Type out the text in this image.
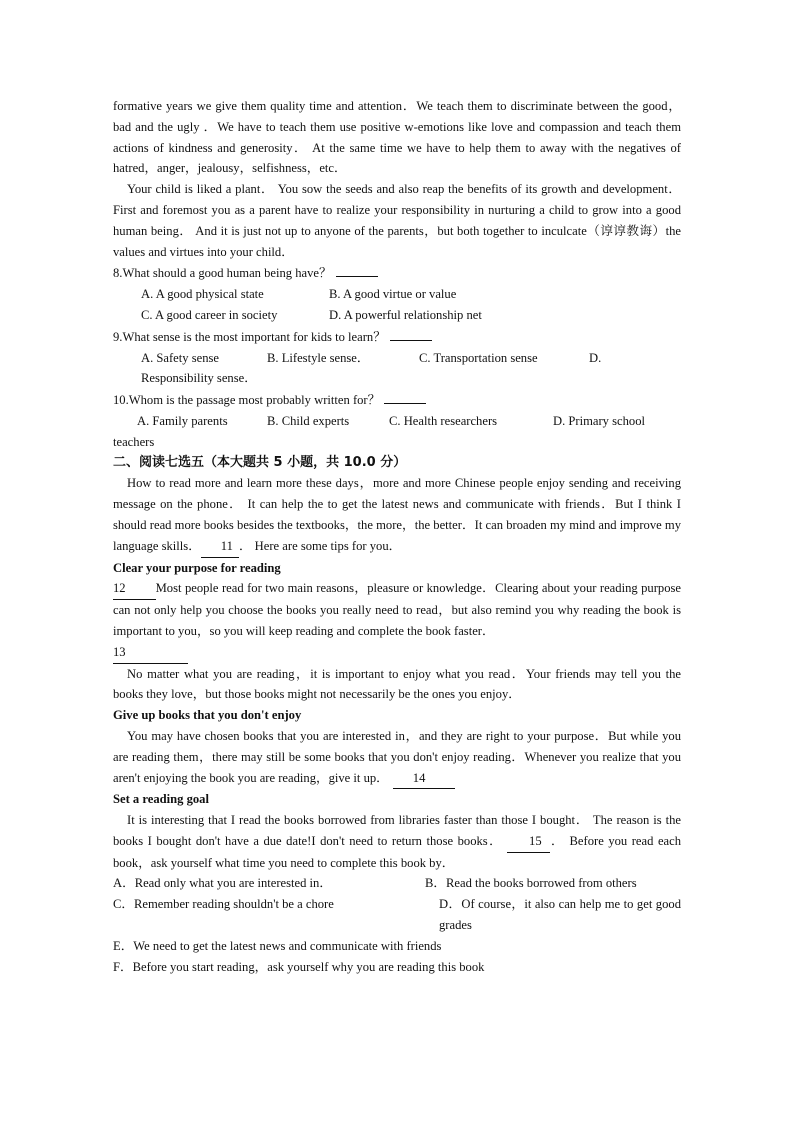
formative years we give them quality time and attention．We teach them to discriminate between the good， bad and the ugly ．We have to teach them use positive w-emotions like love and compassion and teach them actions of kindness and generosity． At the same time we have to help them to away with the negatives of hatred，anger，jealousy，selfishness，etc．

Your child is liked a plant． You sow the seeds and also reap the benefits of its growth and development． First and foremost you as a parent have to realize your responsibility in nurturing a child to grow into a good human being． And it is just not up to anyone of the parents，but both together to inculcate（谆谆教诲）the values and virtues into your child．

8.What should a good human being have？

A. A good physical state	B. A good virtue or value
C. A good career in society	D. A powerful relationship net

9.What sense is the most important for kids to learn？

A. Safety sense	B. Lifestyle sense．	C. Transportation sense	D.
Responsibility sense．

10.Whom is the passage most probably written for？

A. Family parents	B. Child experts	C. Health researchers	D. Primary school

teachers

二、阅读七选五（本大题共 5 小题，共 10.0 分）

How to read more and learn more these days，more and more Chinese people enjoy sending and receiving message on the phone． It can help the to get the latest news and communicate with friends．But I think I should read more books besides the textbooks，the more，the better．It can broaden my mind and improve my language skills． 11 ． Here are some tips for you．

Clear your purpose for reading

12 Most people read for two main reasons，pleasure or knowledge．Clearing about your reading purpose can not only help you choose the books you really need to read，but also remind you why reading the book is important to you，so you will keep reading and complete the book faster．

13

No matter what you are reading，it is important to enjoy what you read．Your friends may tell you the books they love，but those books might not necessarily be the ones you enjoy．

Give up books that you don't enjoy

You may have chosen books that you are interested in，and they are right to your purpose．But while you are reading them，there may still be some books that you don't enjoy reading．Whenever you realize that you aren't enjoying the book you are reading，give it up． 14

Set a reading goal

It is interesting that I read the books borrowed from libraries faster than those I bought． The reason is the books I bought don't have a due date!I don't need to return those books． 15 ． Before you read each book，ask yourself what time you need to complete this book by．

A．Read only what you are interested in．	B．Read the books borrowed from others

C．Remember reading shouldn't be a chore	D．Of course，it also can help me to get good grades

E．We need to get the latest news and communicate with friends

F．Before you start reading，ask yourself why you are reading this book
